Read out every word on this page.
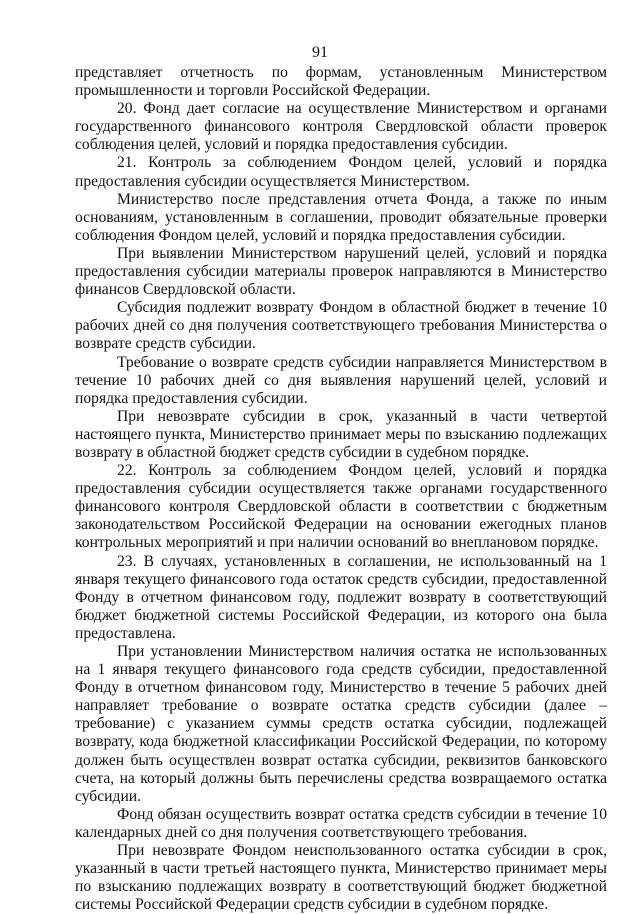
91

представляет отчетность по формам, установленным Министерством промышленности и торговли Российской Федерации.

20. Фонд дает согласие на осуществление Министерством и органами государственного финансового контроля Свердловской области проверок соблюдения целей, условий и порядка предоставления субсидии.

21. Контроль за соблюдением Фондом целей, условий и порядка предоставления субсидии осуществляется Министерством.

Министерство после представления отчета Фонда, а также по иным основаниям, установленным в соглашении, проводит обязательные проверки соблюдения Фондом целей, условий и порядка предоставления субсидии.

При выявлении Министерством нарушений целей, условий и порядка предоставления субсидии материалы проверок направляются в Министерство финансов Свердловской области.

Субсидия подлежит возврату Фондом в областной бюджет в течение 10 рабочих дней со дня получения соответствующего требования Министерства о возврате средств субсидии.

Требование о возврате средств субсидии направляется Министерством в течение 10 рабочих дней со дня выявления нарушений целей, условий и порядка предоставления субсидии.

При невозврате субсидии в срок, указанный в части четвертой настоящего пункта, Министерство принимает меры по взысканию подлежащих возврату в областной бюджет средств субсидии в судебном порядке.

22. Контроль за соблюдением Фондом целей, условий и порядка предоставления субсидии осуществляется также органами государственного финансового контроля Свердловской области в соответствии с бюджетным законодательством Российской Федерации на основании ежегодных планов контрольных мероприятий и при наличии оснований во внеплановом порядке.

23. В случаях, установленных в соглашении, не использованный на 1 января текущего финансового года остаток средств субсидии, предоставленной Фонду в отчетном финансовом году, подлежит возврату в соответствующий бюджет бюджетной системы Российской Федерации, из которого она была предоставлена.

При установлении Министерством наличия остатка не использованных на 1 января текущего финансового года средств субсидии, предоставленной Фонду в отчетном финансовом году, Министерство в течение 5 рабочих дней направляет требование о возврате остатка средств субсидии (далее – требование) с указанием суммы средств остатка субсидии, подлежащей возврату, кода бюджетной классификации Российской Федерации, по которому должен быть осуществлен возврат остатка субсидии, реквизитов банковского счета, на который должны быть перечислены средства возвращаемого остатка субсидии.

Фонд обязан осуществить возврат остатка средств субсидии в течение 10 календарных дней со дня получения соответствующего требования.

При невозврате Фондом неиспользованного остатка субсидии в срок, указанный в части третьей настоящего пункта, Министерство принимает меры по взысканию подлежащих возврату в соответствующий бюджет бюджетной системы Российской Федерации средств субсидии в судебном порядке.
